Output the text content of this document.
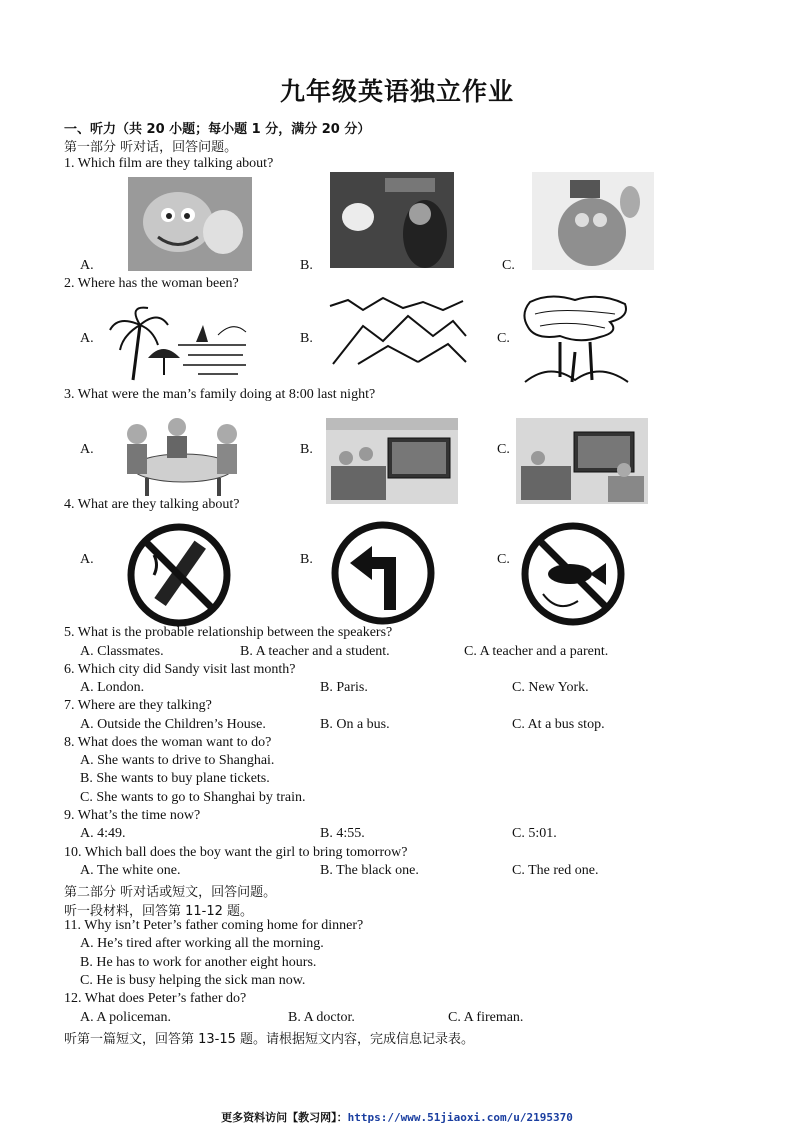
九年级英语独立作业
一、听力（共 20 小题；每小题 1 分，满分 20 分）
第一部分 听对话，回答问题。
1. Which film are they talking about?
A.	B.	C.
2. Where has the woman been?
A.	B.	C.
3. What were the man’s family doing at 8:00 last night?
A.	B.	C.
4. What are they talking about?
A.	B.	C.
5. What is the probable relationship between the speakers?
A. Classmates.	B. A teacher and a student.	C. A teacher and a parent.
6. Which city did Sandy visit last month?
A. London.	B. Paris.	C. New York.
7. Where are they talking?
A. Outside the Children’s House.	B. On a bus.	C. At a bus stop.
8. What does the woman want to do?
A. She wants to drive to Shanghai.
B. She wants to buy plane tickets.
C. She wants to go to Shanghai by train.
9. What’s the time now?
A. 4:49.	B. 4:55.	C. 5:01.
10. Which ball does the boy want the girl to bring tomorrow?
A. The white one.	B. The black one.	C. The red one.
第二部分 听对话或短文，回答问题。
听一段材料，回答第 11-12 题。
11. Why isn’t Peter’s father coming home for dinner?
A. He’s tired after working all the morning.
B. He has to work for another eight hours.
C. He is busy helping the sick man now.
12. What does Peter’s father do?
A. A policeman.	B. A doctor.	C. A fireman.
听第一篇短文，回答第 13-15 题。请根据短文内容，完成信息记录表。
更多资料访问【教习网】：https://www.51jiaoxi.com/u/2195370
